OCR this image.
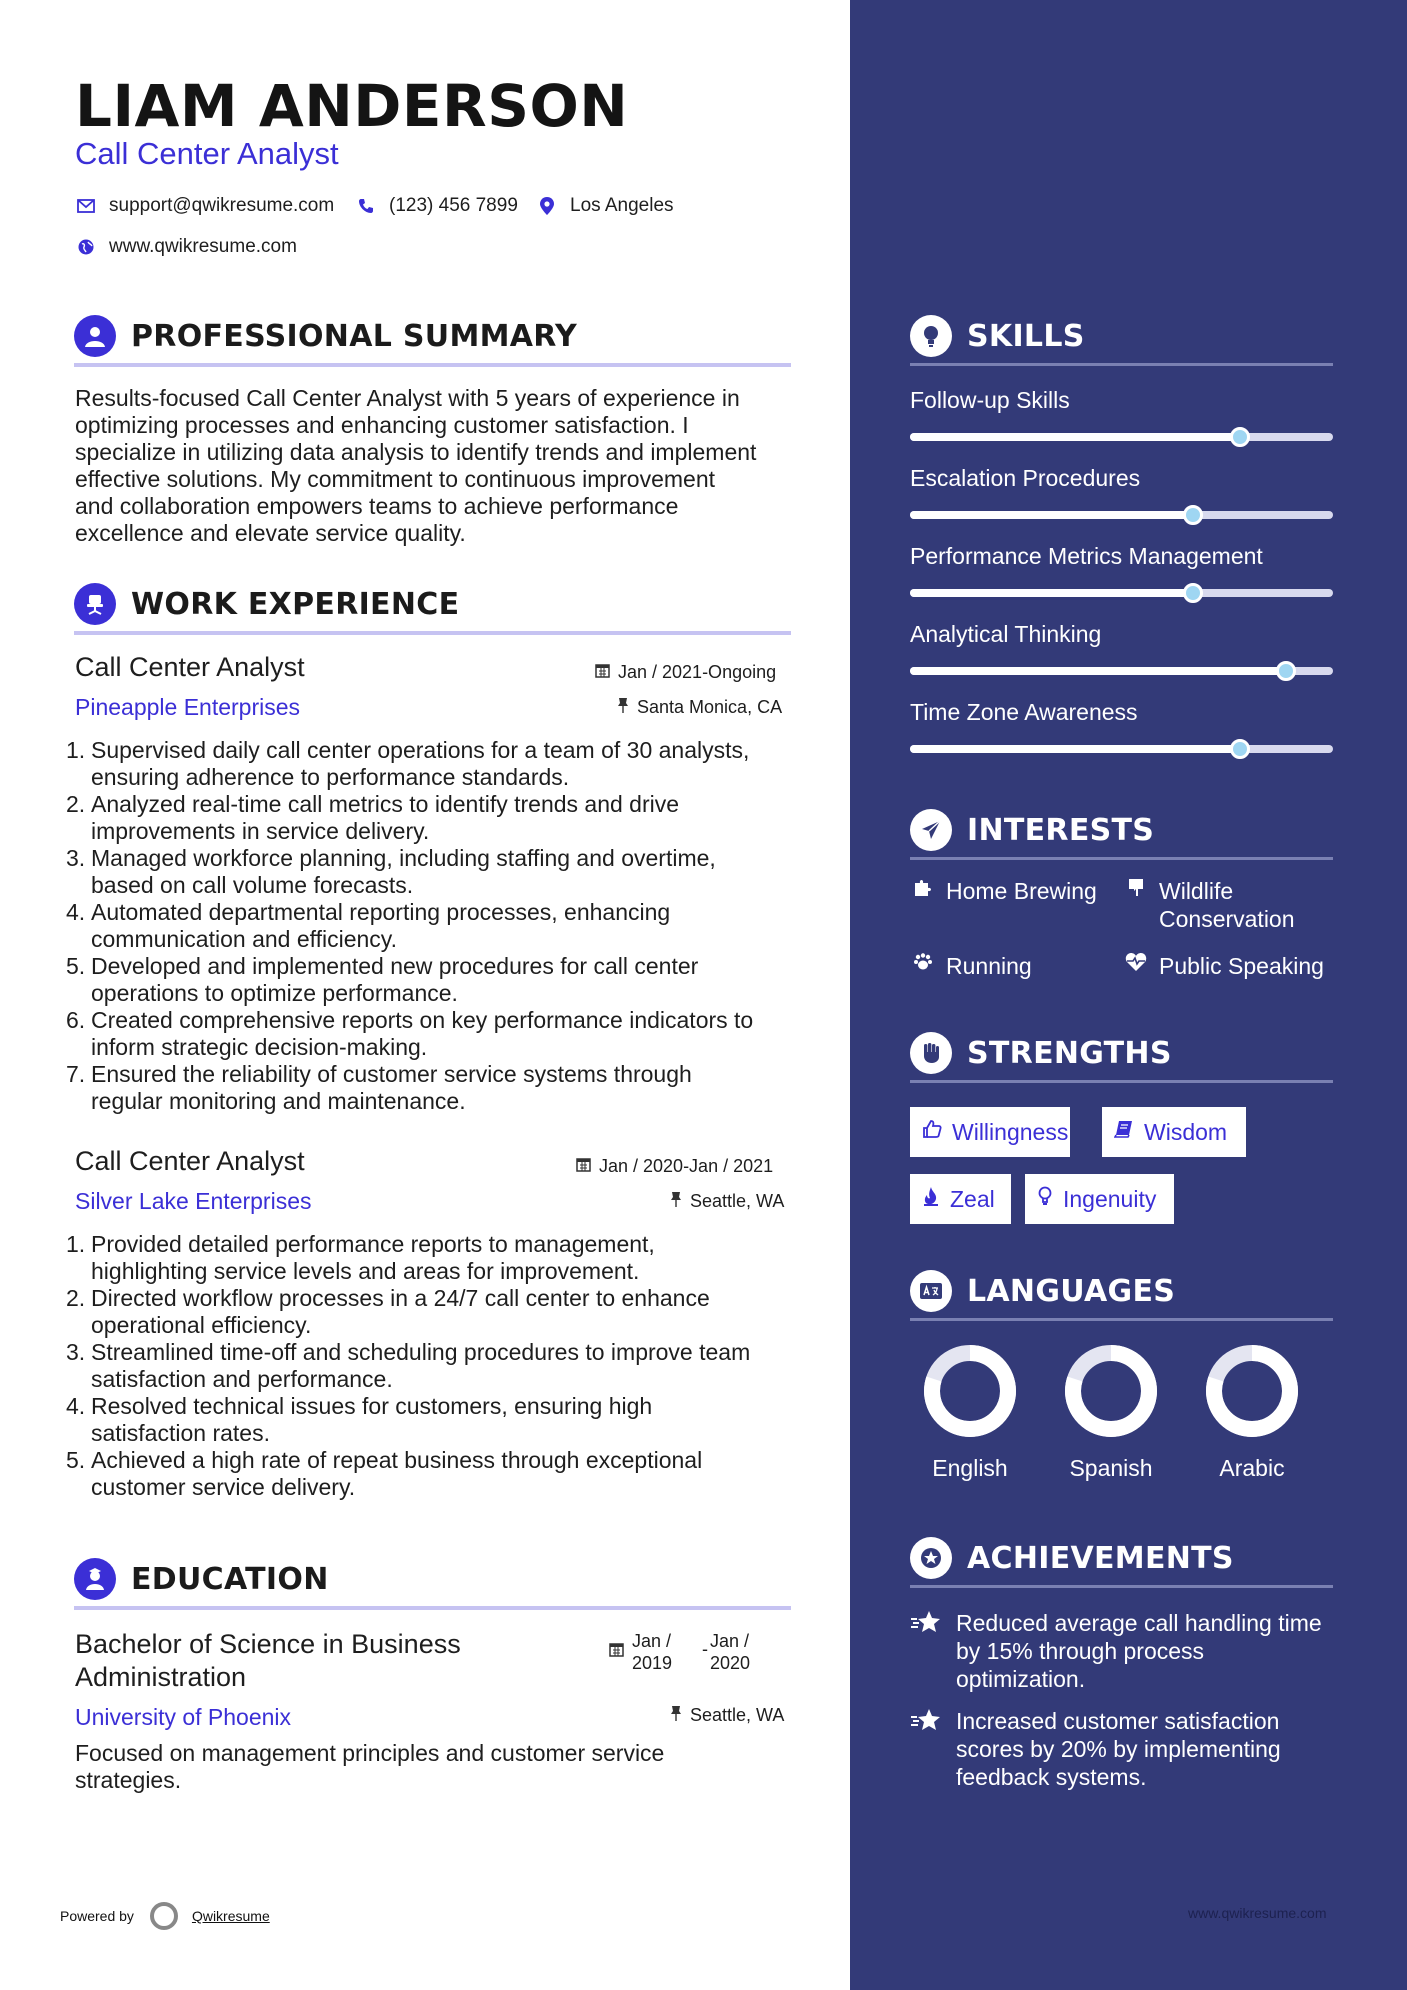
LIAM ANDERSON
Call Center Analyst
support@qwikresume.com	(123) 456 7899	Los Angeles
www.qwikresume.com
PROFESSIONAL SUMMARY
Results-focused Call Center Analyst with 5 years of experience in
optimizing processes and enhancing customer satisfaction. I
specialize in utilizing data analysis to identify trends and implement
effective solutions. My commitment to continuous improvement
and collaboration empowers teams to achieve performance
excellence and elevate service quality.
WORK EXPERIENCE
Call Center Analyst	Jan / 2021-Ongoing
Pineapple Enterprises	Santa Monica, CA
1. Supervised daily call center operations for a team of 30 analysts,
ensuring adherence to performance standards.
2. Analyzed real-time call metrics to identify trends and drive
improvements in service delivery.
3. Managed workforce planning, including staffing and overtime,
based on call volume forecasts.
4. Automated departmental reporting processes, enhancing
communication and efficiency.
5. Developed and implemented new procedures for call center
operations to optimize performance.
6. Created comprehensive reports on key performance indicators to
inform strategic decision-making.
7. Ensured the reliability of customer service systems through
regular monitoring and maintenance.
Call Center Analyst	Jan / 2020-Jan / 2021
Silver Lake Enterprises	Seattle, WA
1. Provided detailed performance reports to management,
highlighting service levels and areas for improvement.
2. Directed workflow processes in a 24/7 call center to enhance
operational efficiency.
3. Streamlined time-off and scheduling procedures to improve team
satisfaction and performance.
4. Resolved technical issues for customers, ensuring high
satisfaction rates.
5. Achieved a high rate of repeat business through exceptional
customer service delivery.
EDUCATION
Bachelor of Science in Business
Administration
Jan /
2019
- Jan /
2020
University of Phoenix	Seattle, WA
Focused on management principles and customer service
strategies.
Powered by	Qwikresume
SKILLS
Follow-up Skills
Escalation Procedures
Performance Metrics Management
Analytical Thinking
Time Zone Awareness
INTERESTS
Home Brewing	Wildlife
Conservation
Running	Public Speaking
STRENGTHS
Willingness	Wisdom
Zeal	Ingenuity
LANGUAGES
English	Spanish	Arabic
ACHIEVEMENTS
Reduced average call handling time
by 15% through process
optimization.
Increased customer satisfaction
scores by 20% by implementing
feedback systems.
www.qwikresume.com
